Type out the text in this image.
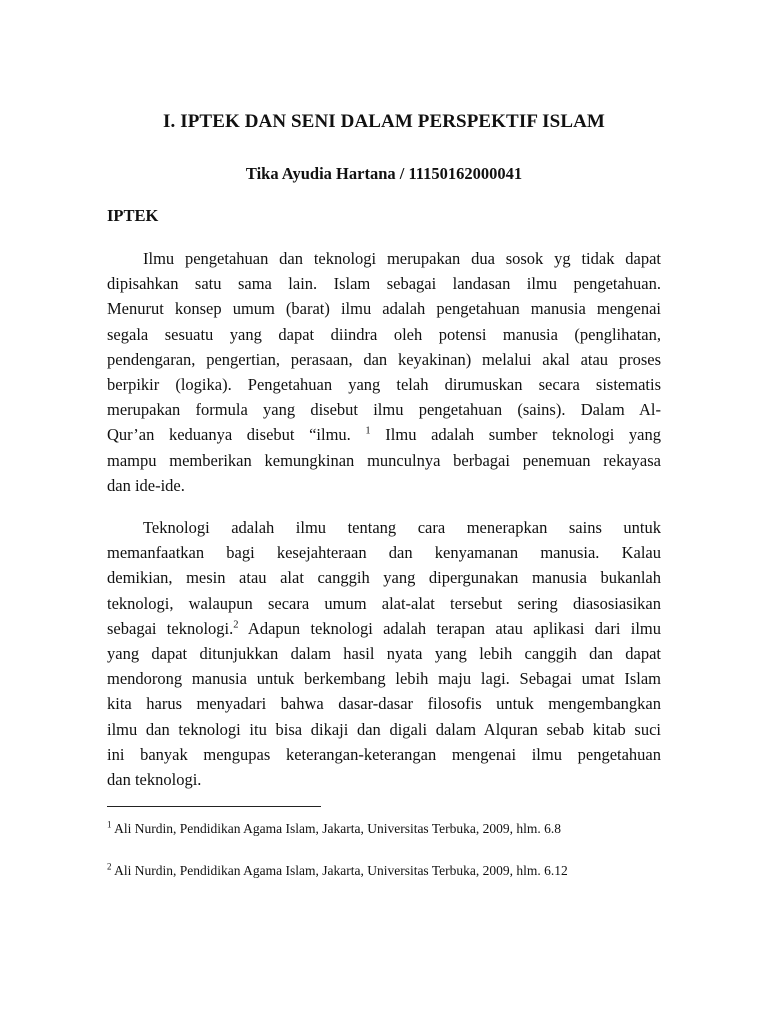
I. IPTEK DAN SENI DALAM PERSPEKTIF ISLAM
Tika Ayudia Hartana / 11150162000041
IPTEK
Ilmu pengetahuan dan teknologi merupakan dua sosok yg tidak dapat
dipisahkan satu sama lain. Islam sebagai landasan ilmu pengetahuan.
Menurut konsep umum (barat) ilmu adalah pengetahuan manusia mengenai
segala sesuatu yang dapat diindra oleh potensi manusia (penglihatan,
pendengaran, pengertian, perasaan, dan keyakinan) melalui akal atau proses
berpikir (logika). Pengetahuan yang telah dirumuskan secara sistematis
merupakan formula yang disebut ilmu pengetahuan (sains). Dalam Al-
Qur’an keduanya disebut “ilmu. $^1$ Ilmu adalah sumber teknologi yang
mampu memberikan kemungkinan munculnya berbagai penemuan rekayasa
dan ide-ide.
Teknologi adalah ilmu tentang cara menerapkan sains untuk
memanfaatkan bagi kesejahteraan dan kenyamanan manusia. Kalau
demikian, mesin atau alat canggih yang dipergunakan manusia bukanlah
teknologi, walaupun secara umum alat-alat tersebut sering diasosiasikan
sebagai teknologi.$^2$ Adapun teknologi adalah terapan atau aplikasi dari ilmu
yang dapat ditunjukkan dalam hasil nyata yang lebih canggih dan dapat
mendorong manusia untuk berkembang lebih maju lagi. Sebagai umat Islam
kita harus menyadari bahwa dasar-dasar filosofis untuk mengembangkan
ilmu dan teknologi itu bisa dikaji dan digali dalam Alquran sebab kitab suci
ini banyak mengupas keterangan-keterangan mengenai ilmu pengetahuan
dan teknologi.
$^1$ Ali Nurdin, Pendidikan Agama Islam, Jakarta, Universitas Terbuka, 2009, hlm. 6.8
$^2$ Ali Nurdin, Pendidikan Agama Islam, Jakarta, Universitas Terbuka, 2009, hlm. 6.12
